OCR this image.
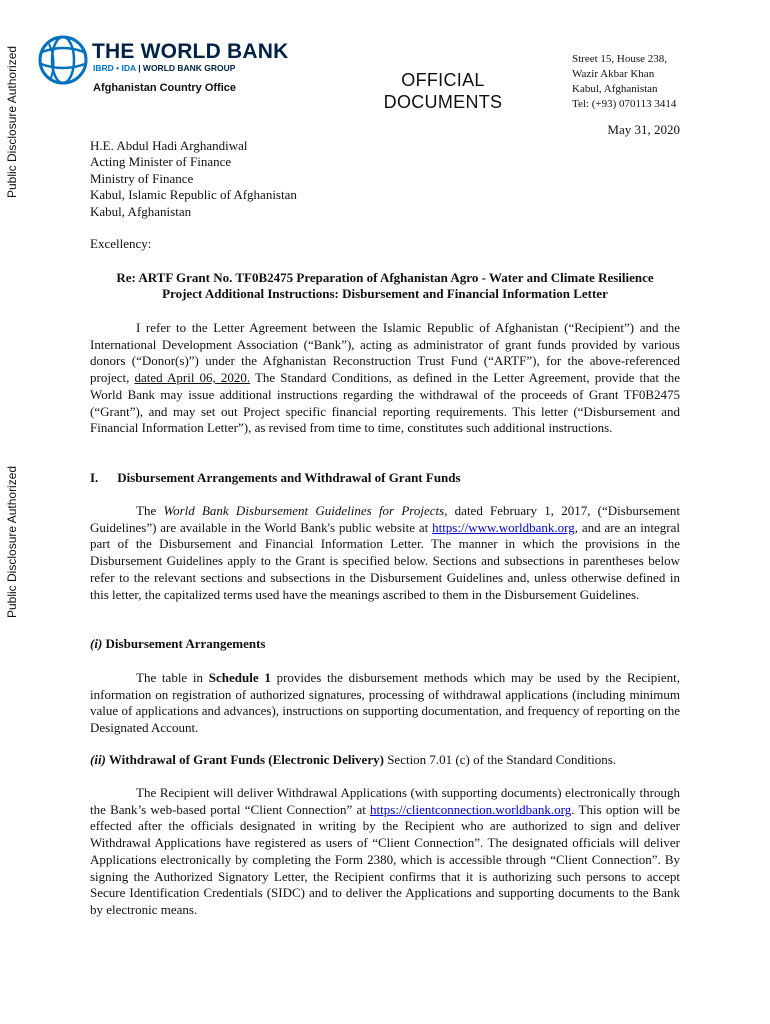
Public Disclosure Authorized
Public Disclosure Authorized
THE WORLD BANK
IBRD • IDA | WORLD BANK GROUP
Afghanistan Country Office	OFFICIAL
DOCUMENTS
Street 15, House 238,
Wazir Akbar Khan
Kabul, Afghanistan
Tel: (+93) 070113 3414
May 31, 2020
H.E. Abdul Hadi Arghandiwal
Acting Minister of Finance
Ministry of Finance
Kabul, Islamic Republic of Afghanistan
Kabul, Afghanistan
Excellency:
Re: ARTF Grant No. TF0B2475 Preparation of Afghanistan Agro - Water and Climate Resilience
Project Additional Instructions: Disbursement and Financial Information Letter
I refer to the Letter Agreement between the Islamic Republic of Afghanistan (“Recipient”) and the International Development Association (“Bank”), acting as administrator of grant funds provided by various donors (“Donor(s)”) under the Afghanistan Reconstruction Trust Fund (“ARTF”), for the above-referenced project, dated April 06, 2020. The Standard Conditions, as defined in the Letter Agreement, provide that the World Bank may issue additional instructions regarding the withdrawal of the proceeds of Grant TF0B2475 (“Grant”), and may set out Project specific financial reporting requirements. This letter (“Disbursement and Financial Information Letter”), as revised from time to time, constitutes such additional instructions.
I. Disbursement Arrangements and Withdrawal of Grant Funds
The World Bank Disbursement Guidelines for Projects, dated February 1, 2017, (“Disbursement Guidelines”) are available in the World Bank's public website at https://www.worldbank.org, and are an integral part of the Disbursement and Financial Information Letter. The manner in which the provisions in the Disbursement Guidelines apply to the Grant is specified below. Sections and subsections in parentheses below refer to the relevant sections and subsections in the Disbursement Guidelines and, unless otherwise defined in this letter, the capitalized terms used have the meanings ascribed to them in the Disbursement Guidelines.
(i) Disbursement Arrangements
The table in Schedule 1 provides the disbursement methods which may be used by the Recipient, information on registration of authorized signatures, processing of withdrawal applications (including minimum value of applications and advances), instructions on supporting documentation, and frequency of reporting on the Designated Account.
(ii) Withdrawal of Grant Funds (Electronic Delivery) Section 7.01 (c) of the Standard Conditions.
The Recipient will deliver Withdrawal Applications (with supporting documents) electronically through the Bank’s web-based portal “Client Connection” at https://clientconnection.worldbank.org. This option will be effected after the officials designated in writing by the Recipient who are authorized to sign and deliver Withdrawal Applications have registered as users of “Client Connection”. The designated officials will deliver Applications electronically by completing the Form 2380, which is accessible through “Client Connection”. By signing the Authorized Signatory Letter, the Recipient confirms that it is authorizing such persons to accept Secure Identification Credentials (SIDC) and to deliver the Applications and supporting documents to the Bank by electronic means.
